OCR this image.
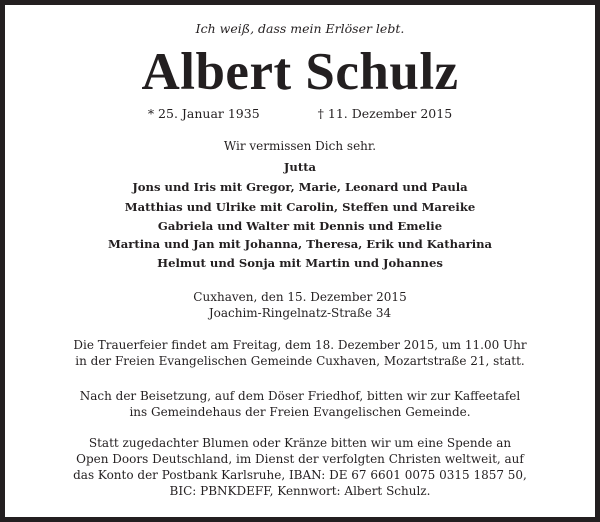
Ich weiß, dass mein Erlöser lebt.
Albert Schulz
* 25. Januar 1935	† 11. Dezember 2015
Wir vermissen Dich sehr.
Jutta
Jons und Iris mit Gregor, Marie, Leonard und Paula
Matthias und Ulrike mit Carolin, Steffen und Mareike
Gabriela und Walter mit Dennis und Emelie
Martina und Jan mit Johanna, Theresa, Erik und Katharina
Helmut und Sonja mit Martin und Johannes
Cuxhaven, den 15. Dezember 2015
Joachim-Ringelnatz-Straße 34
Die Trauerfeier findet am Freitag, dem 18. Dezember 2015, um 11.00 Uhr
in der Freien Evangelischen Gemeinde Cuxhaven, Mozartstraße 21, statt.
Nach der Beisetzung, auf dem Döser Friedhof, bitten wir zur Kaffeetafel
ins Gemeindehaus der Freien Evangelischen Gemeinde.
Statt zugedachter Blumen oder Kränze bitten wir um eine Spende an
Open Doors Deutschland, im Dienst der verfolgten Christen weltweit, auf
das Konto der Postbank Karlsruhe, IBAN: DE 67 6601 0075 0315 1857 50,
BIC: PBNKDEFF, Kennwort: Albert Schulz.
